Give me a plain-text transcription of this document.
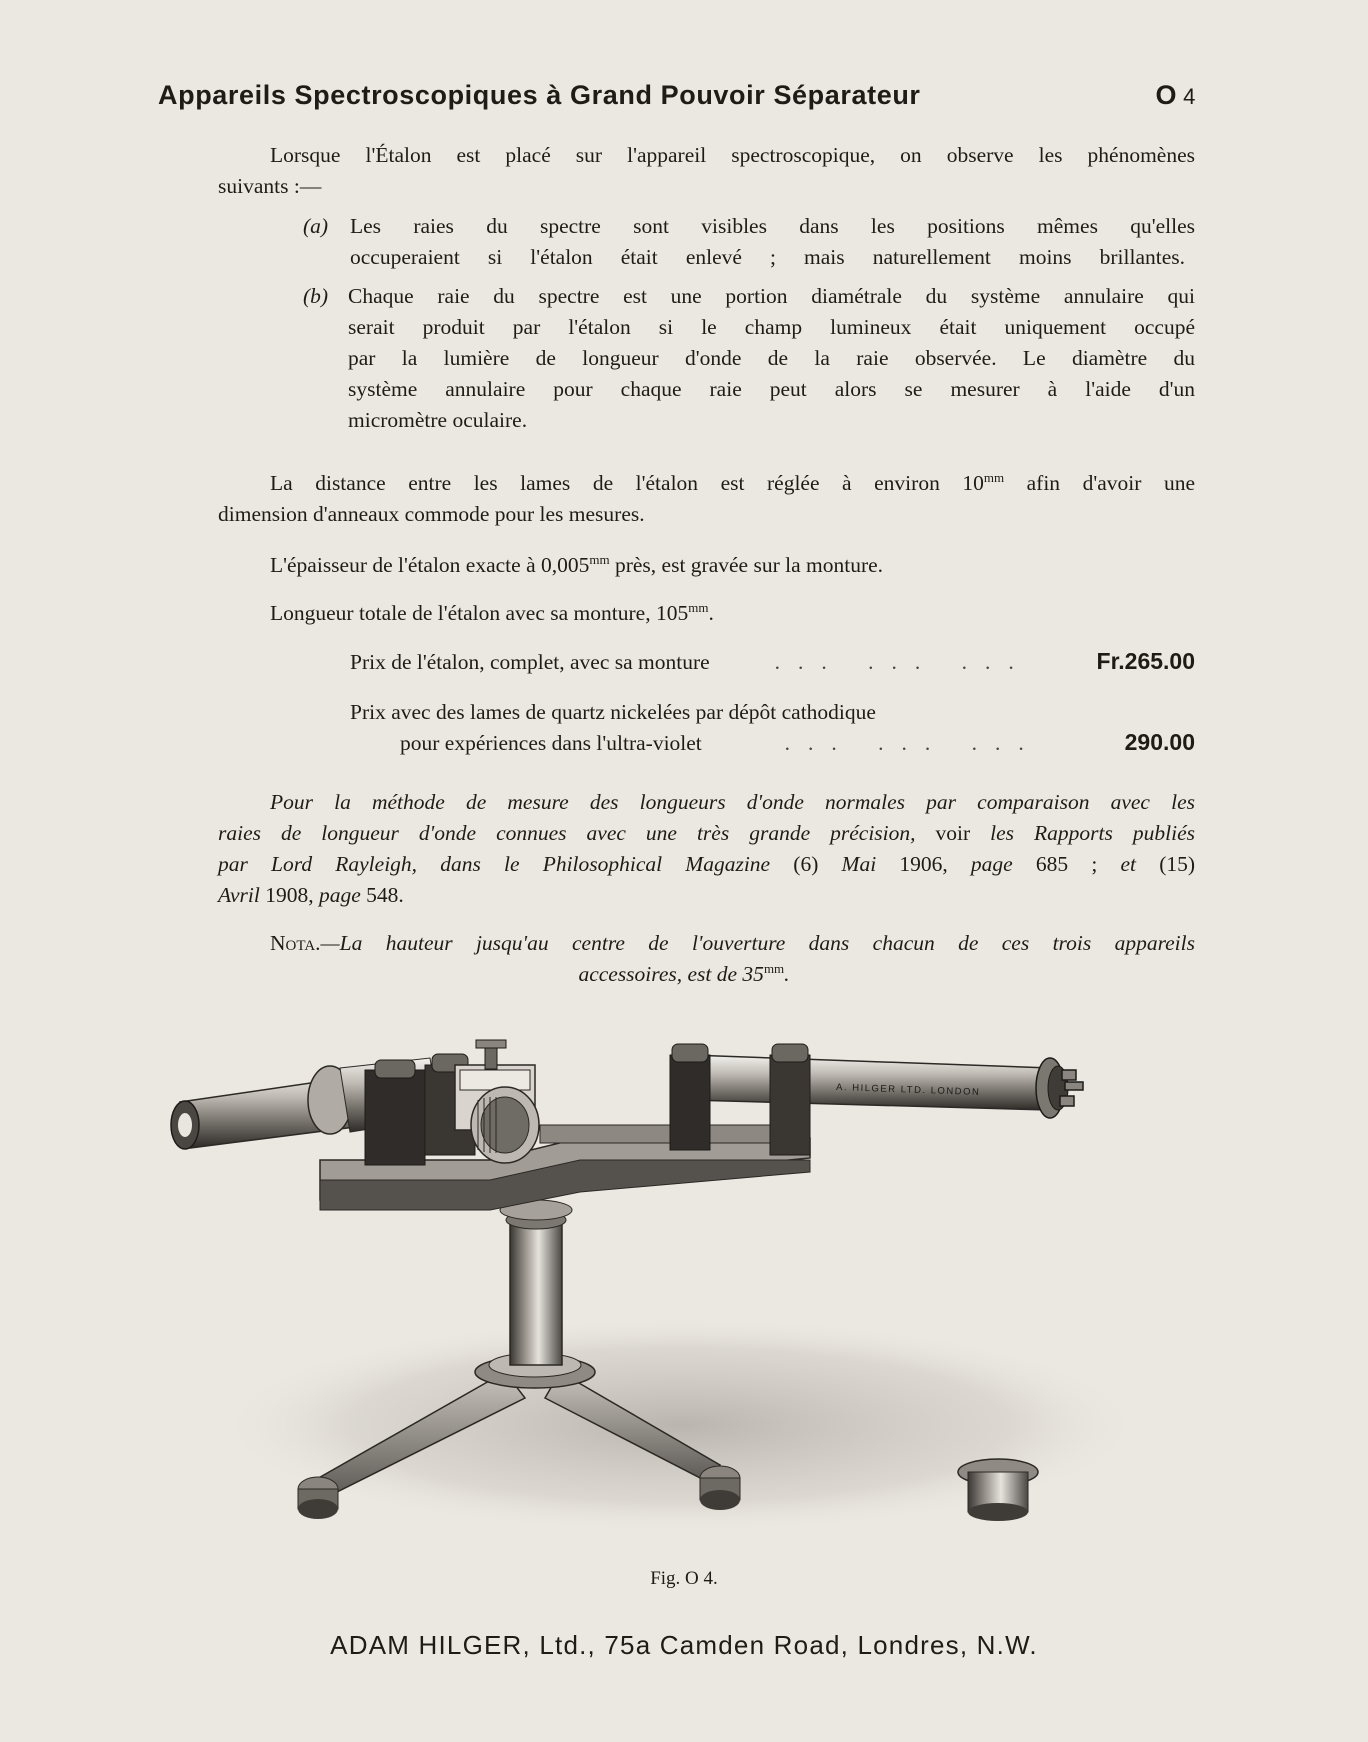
Appareils Spectroscopiques à Grand Pouvoir Séparateur	O 4
Lorsque l'Étalon est placé sur l'appareil spectroscopique, on observe les phénomènes
suivants :—
(a) Les raies du spectre sont visibles dans les positions mêmes qu'elles
occuperaient si l'étalon était enlevé ; mais naturellement moins brillantes.
(b) Chaque raie du spectre est une portion diamétrale du système annulaire qui
serait produit par l'étalon si le champ lumineux était uniquement occupé
par la lumière de longueur d'onde de la raie observée. Le diamètre du
système annulaire pour chaque raie peut alors se mesurer à l'aide d'un
micromètre oculaire.
La distance entre les lames de l'étalon est réglée à environ $10^{mm}$ afin d'avoir une
dimension d'anneaux commode pour les mesures.
L'épaisseur de l'étalon exacte à $0,005^{mm}$ près, est gravée sur la monture.
Longueur totale de l'étalon avec sa monture, $105^{mm}$.
Prix de l'étalon, complet, avec sa monture	... ... ...	Fr.265.00
Prix avec des lames de quartz nickelées par dépôt cathodique
pour expériences dans l'ultra-violet	... ... ...	290.00
Pour la méthode de mesure des longueurs d'onde normales par comparaison avec les
raies de longueur d'onde connues avec une très grande précision, voir les Rapports publiés
par Lord Rayleigh, dans le Philosophical Magazine (6) Mai 1906, page 685 ; et (15)
Avril 1908, page 548.
Nota.—La hauteur jusqu'au centre de l'ouverture dans chacun de ces trois appareils
accessoires, est de $35^{mm}$.
A. HILGER LTD. LONDON
Fig. O 4.
ADAM HILGER, Ltd., 75a Camden Road, Londres, N.W.
